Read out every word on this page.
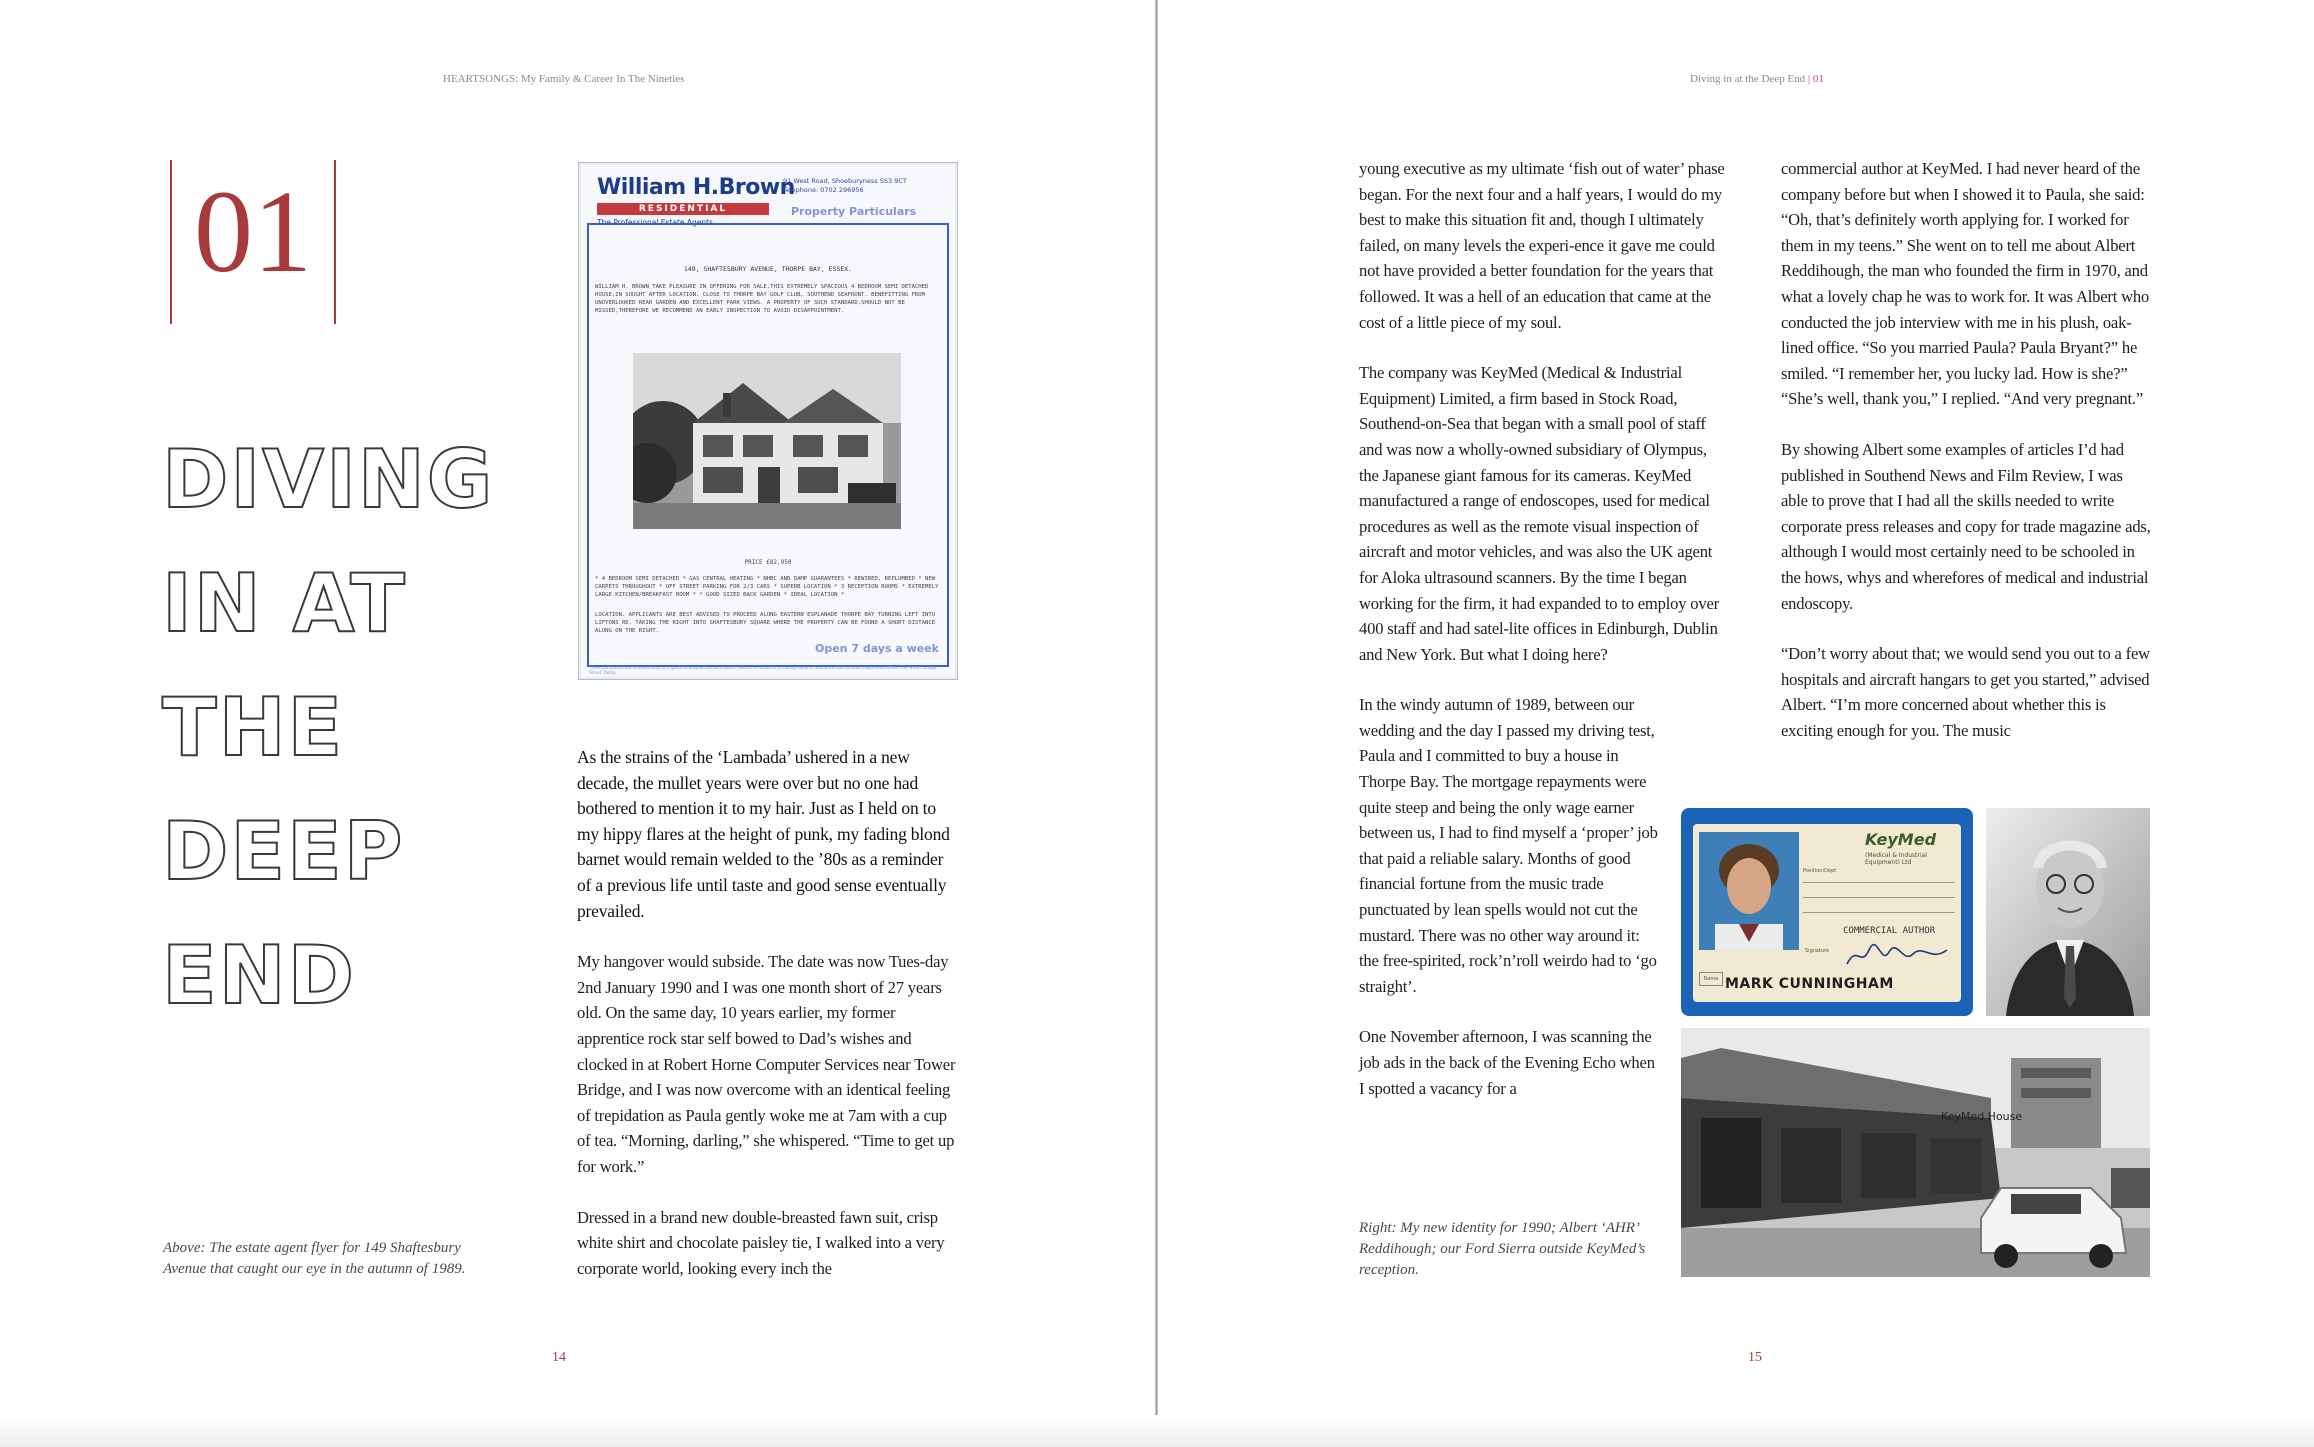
HEARTSONGS: My Family & Career In The Nineties
01
DIVING
IN AT
THE
DEEP
END
William H.Brown
RESIDENTIAL
The Professional Estate Agents
91 West Road, Shoeburyness SS3 9CT
Telephone: 0702 296956
Property Particulars
149, SHAFTESBURY AVENUE, THORPE BAY, ESSEX.
WILLIAM H. BROWN TAKE PLEASURE IN OFFERING FOR SALE,THIS EXTREMELY SPACIOUS 4 BEDROOM SEMI DETACHED HOUSE,IN SOUGHT AFTER LOCATION. CLOSE TO THORPE BAY GOLF CLUB, SOUTHEND SEAFRONT. BENEFITTING FROM UNOVERLOOKED REAR GARDEN AND EXCELLENT PARK VIEWS. A PROPERTY OF SUCH STANDARD,SHOULD NOT BE MISSED,THEREFORE WE RECOMMEND AN EARLY INSPECTION TO AVOID DISAPPOINTMENT.
PRICE £82,950
* 4 BEDROOM SEMI DETACHED * GAS CENTRAL HEATING * NHBC AND DAMP GUARANTEES * REWIRED, REPLUMBED * NEW CARPETS THROUGHOUT * OFF STREET PARKING FOR 2/3 CARS * SUPERB LOCATION * 3 RECEPTION ROOMS * EXTREMELY LARGE KITCHEN/BREAKFAST ROOM * * GOOD SIZED BACK GARDEN * IDEAL LOCATION *
LOCATION. APPLICANTS ARE BEST ADVISED TO PROCEED ALONG EASTERN ESPLANADE THORPE BAY TURNING LEFT INTO LIFTONS RD, TAKING THE RIGHT INTO SHAFTESBURY SQUARE WHERE THE PROPERTY CAN BE FOUND A SHORT DISTANCE ALONG ON THE RIGHT.
Open 7 days a week
These particulars are intended only as a guide to prospective purchasers. William H. Brown is a trading name of Sequence (UK) Limited. Registered Office: The Wharf, Bridge Street, Derby.

As the strains of the ‘Lambada’ ushered in a new decade, the mullet years were over but no one had bothered to mention it to my hair. Just as I held on to my hippy flares at the height of punk, my fading blond barnet would remain welded to the ’80s as a reminder of a previous life until taste and good sense eventually prevailed.

My hangover would subside. The date was now Tues-day 2nd January 1990 and I was one month short of 27 years old. On the same day, 10 years earlier, my former apprentice rock star self bowed to Dad’s wishes and clocked in at Robert Horne Computer Services near Tower Bridge, and I was now overcome with an identical feeling of trepidation as Paula gently woke me at 7am with a cup of tea. “Morning, darling,” she whispered. “Time to get up for work.”

Dressed in a brand new double-breasted fawn suit, crisp white shirt and chocolate paisley tie, I walked into a very corporate world, looking every inch the

Above: The estate agent flyer for 149 Shaftesbury Avenue that caught our eye in the autumn of 1989.
14
Diving in at the Deep End | 01

young executive as my ultimate ‘fish out of water’ phase began. For the next four and a half years, I would do my best to make this situation fit and, though I ultimately failed, on many levels the experi-ence it gave me could not have provided a better foundation for the years that followed. It was a hell of an education that came at the cost of a little piece of my soul.

The company was KeyMed (Medical & Industrial Equipment) Limited, a firm based in Stock Road, Southend-on-Sea that began with a small pool of staff and was now a wholly-owned subsidiary of Olympus, the Japanese giant famous for its cameras. KeyMed manufactured a range of endoscopes, used for medical procedures as well as the remote visual inspection of aircraft and motor vehicles, and was also the UK agent for Aloka ultrasound scanners. By the time I began working for the firm, it had expanded to to employ over 400 staff and had satel-lite offices in Edinburgh, Dublin and New York. But what I doing here?

In the windy autumn of 1989, between our wedding and the day I passed my driving test, Paula and I committed to buy a house in Thorpe Bay. The mortgage repayments were quite steep and being the only wage earner between us, I had to find myself a ‘proper’ job that paid a reliable salary. Months of good financial fortune from the music trade punctuated by lean spells would not cut the mustard. There was no other way around it: the free-spirited, rock’n’roll weirdo had to ‘go straight’.

One November afternoon, I was scanning the job ads in the back of the Evening Echo when I spotted a vacancy for a

commercial author at KeyMed. I had never heard of the company before but when I showed it to Paula, she said: “Oh, that’s definitely worth applying for. I worked for them in my teens.” She went on to tell me about Albert Reddihough, the man who founded the firm in 1970, and what a lovely chap he was to work for. It was Albert who conducted the job interview with me in his plush, oak-lined office. “So you married Paula? Paula Bryant?” he smiled. “I remember her, you lucky lad. How is she?” “She’s well, thank you,” I replied. “And very pregnant.”

By showing Albert some examples of articles I’d had published in Southend News and Film Review, I was able to prove that I had all the skills needed to write corporate press releases and copy for trade magazine ads, although I would most certainly need to be schooled in the hows, whys and wherefores of medical and industrial endoscopy.

“Don’t worry about that; we would send you out to a few hospitals and aircraft hangars to get you started,” advised Albert. “I’m more concerned about whether this is exciting enough for you. The music

KeyMed
(Medical & Industrial Equipment) Ltd
Position/Dept
COMMERCIAL AUTHOR
Signature
Name MARK CUNNINGHAM
KeyMed House
Right: My new identity for 1990; Albert ‘AHR’ Reddihough; our Ford Sierra outside KeyMed’s reception.
15
